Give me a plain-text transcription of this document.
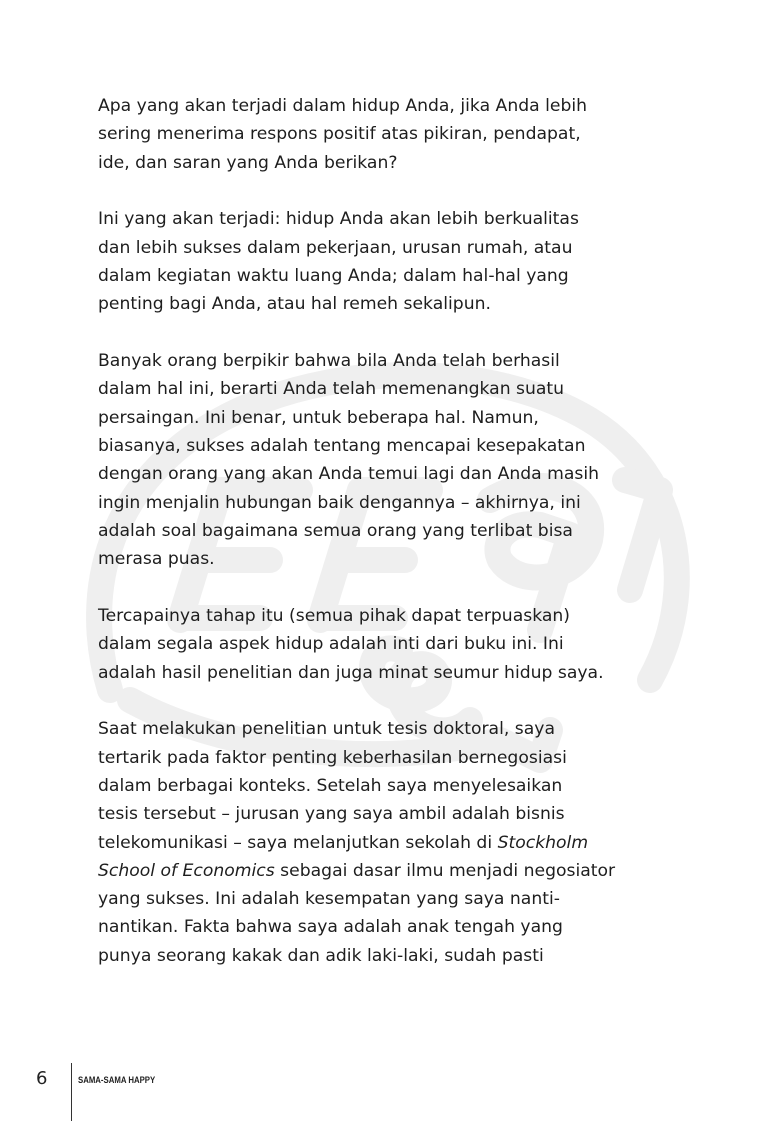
Apa yang akan terjadi dalam hidup Anda, jika Anda lebih
sering menerima respons positif atas pikiran, pendapat,
ide, dan saran yang Anda berikan?

Ini yang akan terjadi: hidup Anda akan lebih berkualitas
dan lebih sukses dalam pekerjaan, urusan rumah, atau
dalam kegiatan waktu luang Anda; dalam hal-hal yang
penting bagi Anda, atau hal remeh sekalipun.

Banyak orang berpikir bahwa bila Anda telah berhasil
dalam hal ini, berarti Anda telah memenangkan suatu
persaingan. Ini benar, untuk beberapa hal. Namun,
biasanya, sukses adalah tentang mencapai kesepakatan
dengan orang yang akan Anda temui lagi dan Anda masih
ingin menjalin hubungan baik dengannya – akhirnya, ini
adalah soal bagaimana semua orang yang terlibat bisa
merasa puas.

Tercapainya tahap itu (semua pihak dapat terpuaskan)
dalam segala aspek hidup adalah inti dari buku ini. Ini
adalah hasil penelitian dan juga minat seumur hidup saya.

Saat melakukan penelitian untuk tesis doktoral, saya
tertarik pada faktor penting keberhasilan bernegosiasi
dalam berbagai konteks. Setelah saya menyelesaikan
tesis tersebut – jurusan yang saya ambil adalah bisnis
telekomunikasi – saya melanjutkan sekolah di Stockholm
School of Economics sebagai dasar ilmu menjadi negosiator
yang sukses. Ini adalah kesempatan yang saya nanti-
nantikan. Fakta bahwa saya adalah anak tengah yang
punya seorang kakak dan adik laki-laki, sudah pasti

6	SAMA-SAMA HAPPY
